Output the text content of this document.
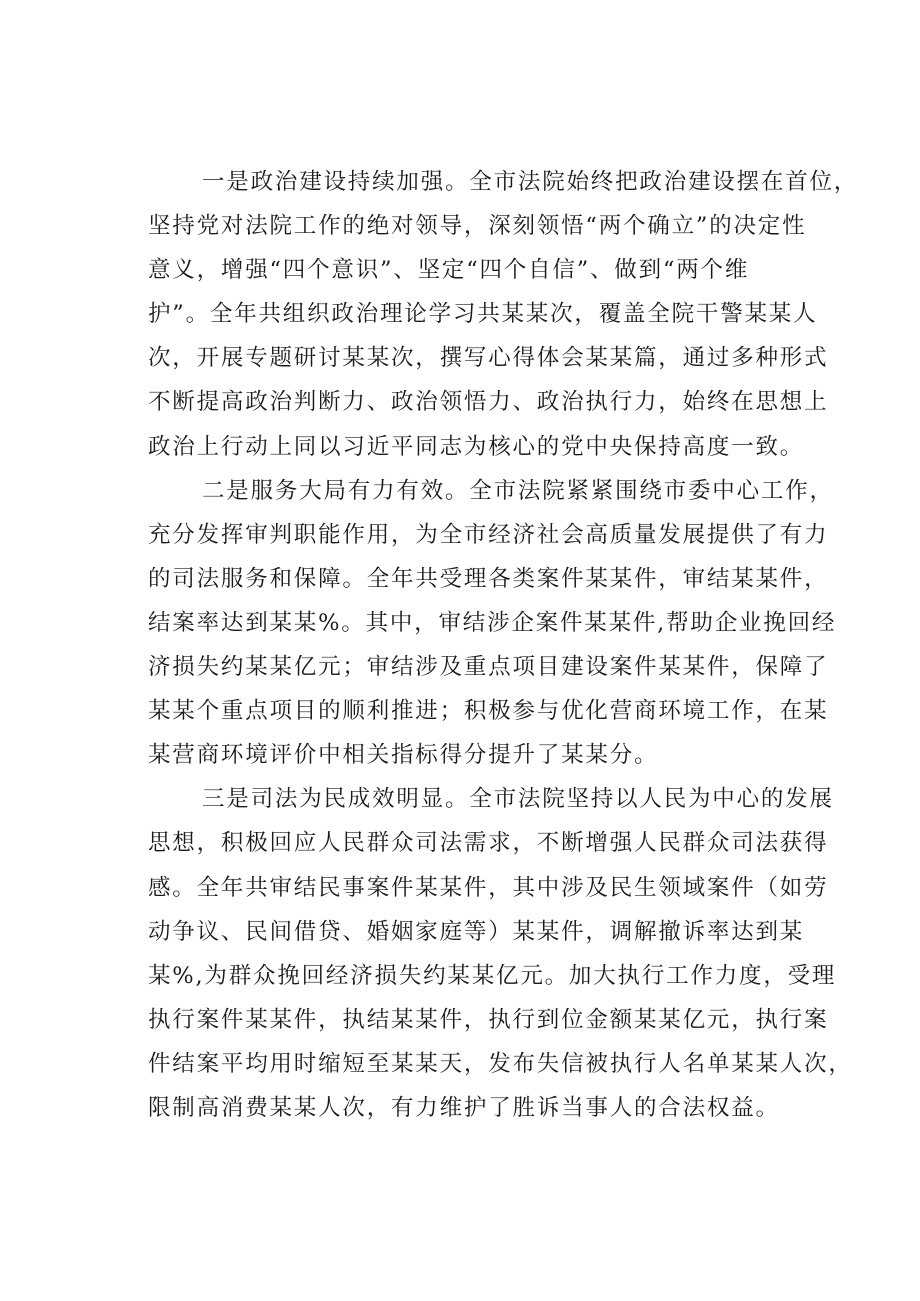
一是政治建设持续加强。全市法院始终把政治建设摆在首位，
坚持党对法院工作的绝对领导，深刻领悟“两个确立”的决定性
意义，增强“四个意识”、坚定“四个自信”、做到“两个维
护”。全年共组织政治理论学习共某某次，覆盖全院干警某某人
次，开展专题研讨某某次，撰写心得体会某某篇，通过多种形式
不断提高政治判断力、政治领悟力、政治执行力，始终在思想上
政治上行动上同以习近平同志为核心的党中央保持高度一致。
二是服务大局有力有效。全市法院紧紧围绕市委中心工作，
充分发挥审判职能作用，为全市经济社会高质量发展提供了有力
的司法服务和保障。全年共受理各类案件某某件，审结某某件，
结案率达到某某%。其中，审结涉企案件某某件,帮助企业挽回经
济损失约某某亿元；审结涉及重点项目建设案件某某件，保障了
某某个重点项目的顺利推进；积极参与优化营商环境工作，在某
某营商环境评价中相关指标得分提升了某某分。
三是司法为民成效明显。全市法院坚持以人民为中心的发展
思想，积极回应人民群众司法需求，不断增强人民群众司法获得
感。全年共审结民事案件某某件，其中涉及民生领域案件（如劳
动争议、民间借贷、婚姻家庭等）某某件，调解撤诉率达到某
某%,为群众挽回经济损失约某某亿元。加大执行工作力度，受理
执行案件某某件，执结某某件，执行到位金额某某亿元，执行案
件结案平均用时缩短至某某天，发布失信被执行人名单某某人次，
限制高消费某某人次，有力维护了胜诉当事人的合法权益。
